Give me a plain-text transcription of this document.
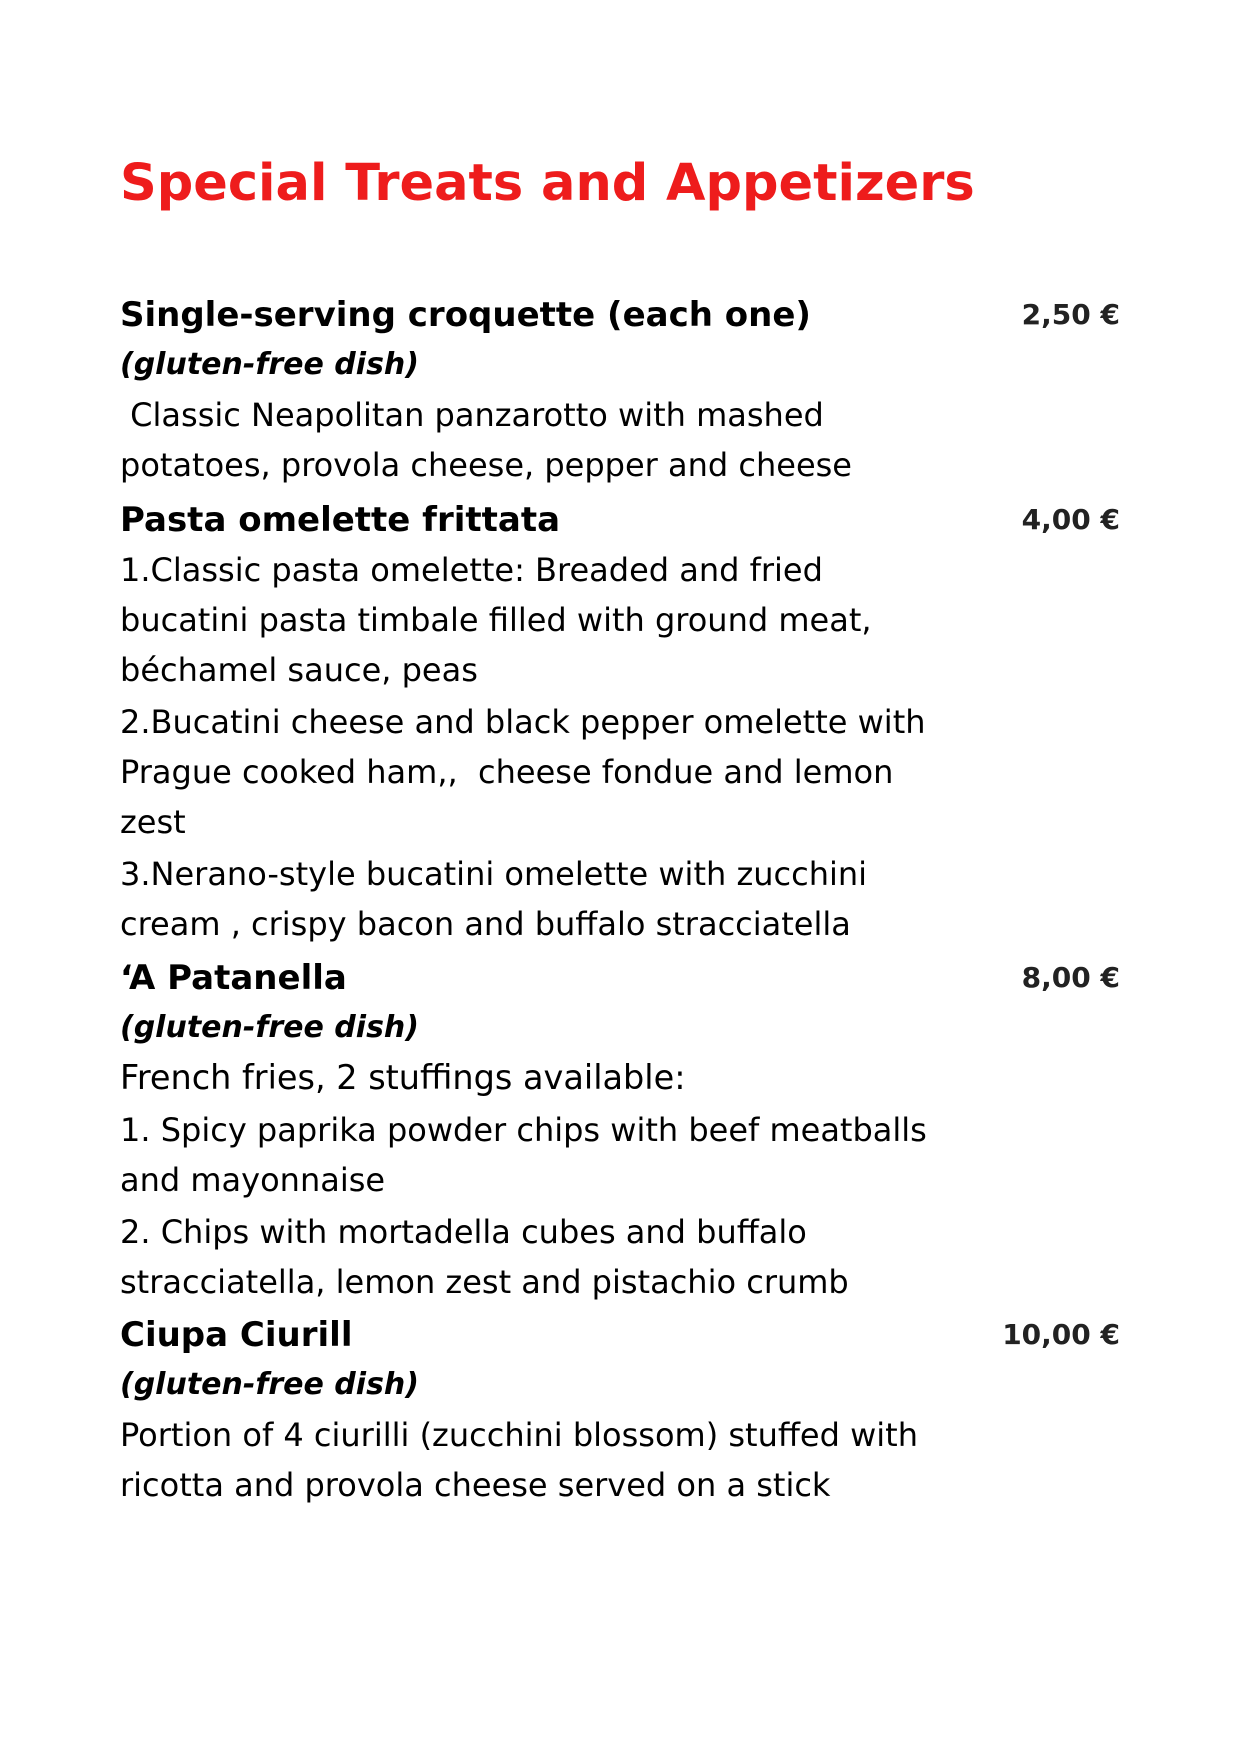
Special Treats and Appetizers
Single-serving croquette (each one)	2,50 €
(gluten-free dish)
Classic Neapolitan panzarotto with mashed
potatoes, provola cheese, pepper and cheese
Pasta omelette frittata	4,00 €
1.Classic pasta omelette: Breaded and fried
bucatini pasta timbale filled with ground meat,
béchamel sauce, peas
2.Bucatini cheese and black pepper omelette with
Prague cooked ham,,  cheese fondue and lemon
zest
3.Nerano-style bucatini omelette with zucchini
cream , crispy bacon and buffalo stracciatella
‘A Patanella	8,00 €
(gluten-free dish)
French fries, 2 stuffings available:
1. Spicy paprika powder chips with beef meatballs
and mayonnaise
2. Chips with mortadella cubes and buffalo
stracciatella, lemon zest and pistachio crumb
Ciupa Ciurill	10,00 €
(gluten-free dish)
Portion of 4 ciurilli (zucchini blossom) stuffed with
ricotta and provola cheese served on a stick
